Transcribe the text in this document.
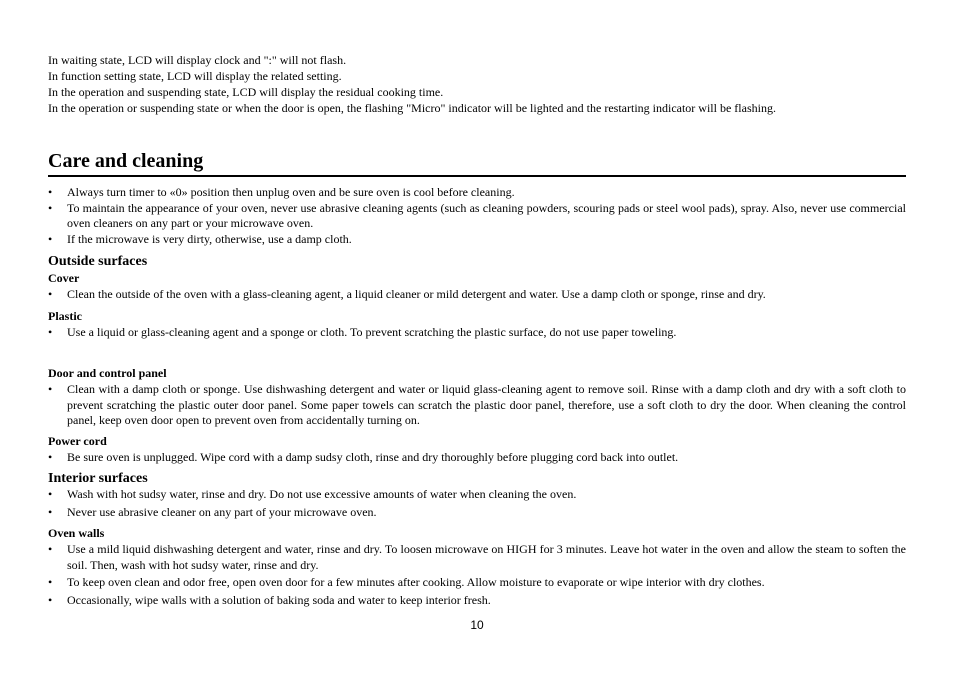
In waiting state, LCD will display clock and ":" will not flash.

In function setting state, LCD will display the related setting.

In the operation and suspending state, LCD will display the residual cooking time.

In the operation or suspending state or when the door is open, the flashing "Micro" indicator will be lighted and the restarting indicator will be flashing.

Care and cleaning
• Always turn timer to «0» position then unplug oven and be sure oven is cool before cleaning.
• To maintain the appearance of your oven, never use abrasive cleaning agents (such as cleaning powders, scouring pads or steel wool pads), spray. Also, never use commercial oven cleaners on any part or your microwave oven.
• If the microwave is very dirty, otherwise, use a damp cloth.
Outside surfaces
Cover
• Clean the outside of the oven with a glass-cleaning agent, a liquid cleaner or mild detergent and water. Use a damp cloth or sponge, rinse and dry.
Plastic
• Use a liquid or glass-cleaning agent and a sponge or cloth. To prevent scratching the plastic surface, do not use paper toweling.
Door and control panel
• Clean with a damp cloth or sponge. Use dishwashing detergent and water or liquid glass-cleaning agent to remove soil. Rinse with a damp cloth and dry with a soft cloth to prevent scratching the plastic outer door panel. Some paper towels can scratch the plastic door panel, therefore, use a soft cloth to dry the door. When cleaning the control panel, keep oven door open to prevent oven from accidentally turning on.
Power cord
• Be sure oven is unplugged. Wipe cord with a damp sudsy cloth, rinse and dry thoroughly before plugging cord back into outlet.
Interior surfaces
• Wash with hot sudsy water, rinse and dry. Do not use excessive amounts of water when cleaning the oven.
• Never use abrasive cleaner on any part of your microwave oven.
Oven walls
• Use a mild liquid dishwashing detergent and water, rinse and dry. To loosen microwave on HIGH for 3 minutes. Leave hot water in the oven and allow the steam to soften the soil. Then, wash with hot sudsy water, rinse and dry.
• To keep oven clean and odor free, open oven door for a few minutes after cooking. Allow moisture to evaporate or wipe interior with dry clothes.
• Occasionally, wipe walls with a solution of baking soda and water to keep interior fresh.
10
